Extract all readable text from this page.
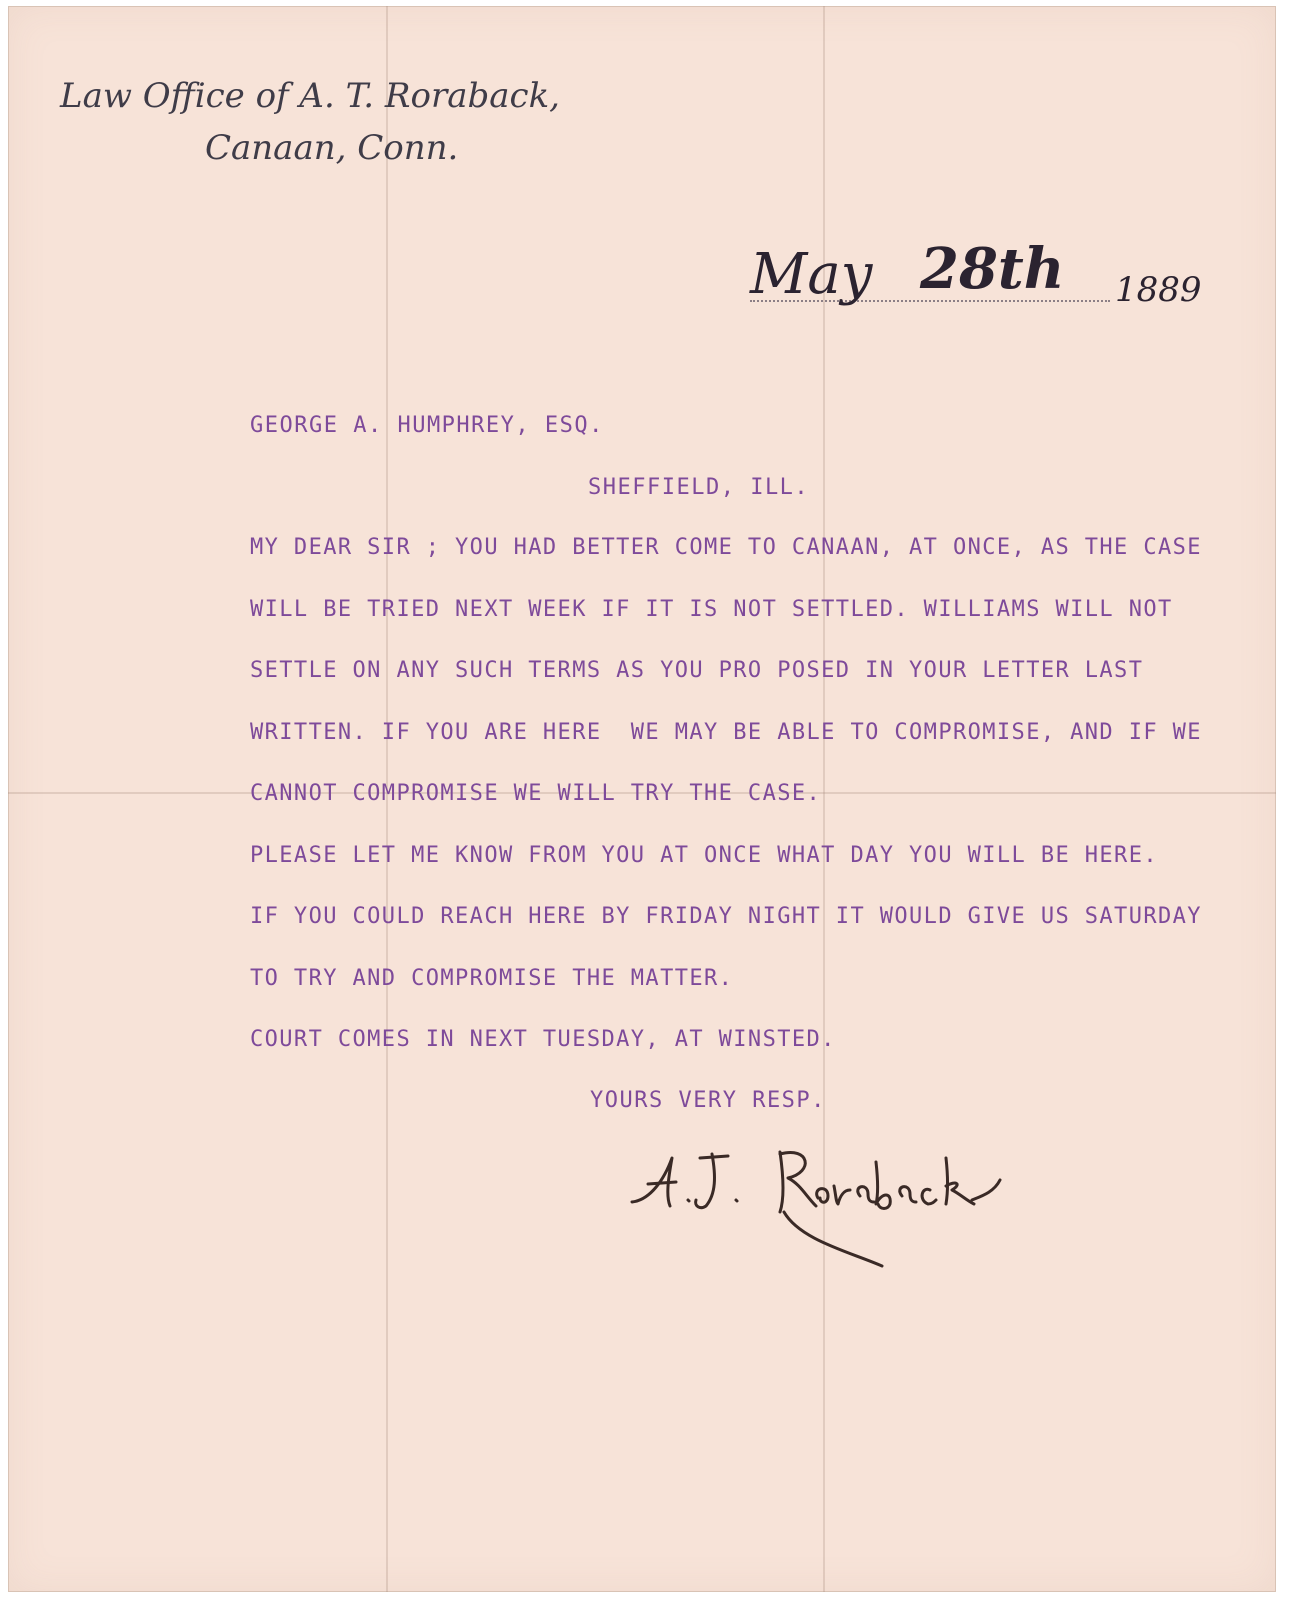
Law Office of A. T. Roraback,
Canaan, Conn.
May 28th 1889
GEORGE A. HUMPHREY, ESQ.
SHEFFIELD, ILL.
MY DEAR SIR ; YOU HAD BETTER COME TO CANAAN, AT ONCE, AS THE CASE
WILL BE TRIED NEXT WEEK IF IT IS NOT SETTLED. WILLIAMS WILL NOT
SETTLE ON ANY SUCH TERMS AS YOU PRO POSED IN YOUR LETTER LAST
WRITTEN. IF YOU ARE HERE  WE MAY BE ABLE TO COMPROMISE, AND IF WE
CANNOT COMPROMISE WE WILL TRY THE CASE.
PLEASE LET ME KNOW FROM YOU AT ONCE WHAT DAY YOU WILL BE HERE.
IF YOU COULD REACH HERE BY FRIDAY NIGHT IT WOULD GIVE US SATURDAY
TO TRY AND COMPROMISE THE MATTER.
COURT COMES IN NEXT TUESDAY, AT WINSTED.
YOURS VERY RESP.
